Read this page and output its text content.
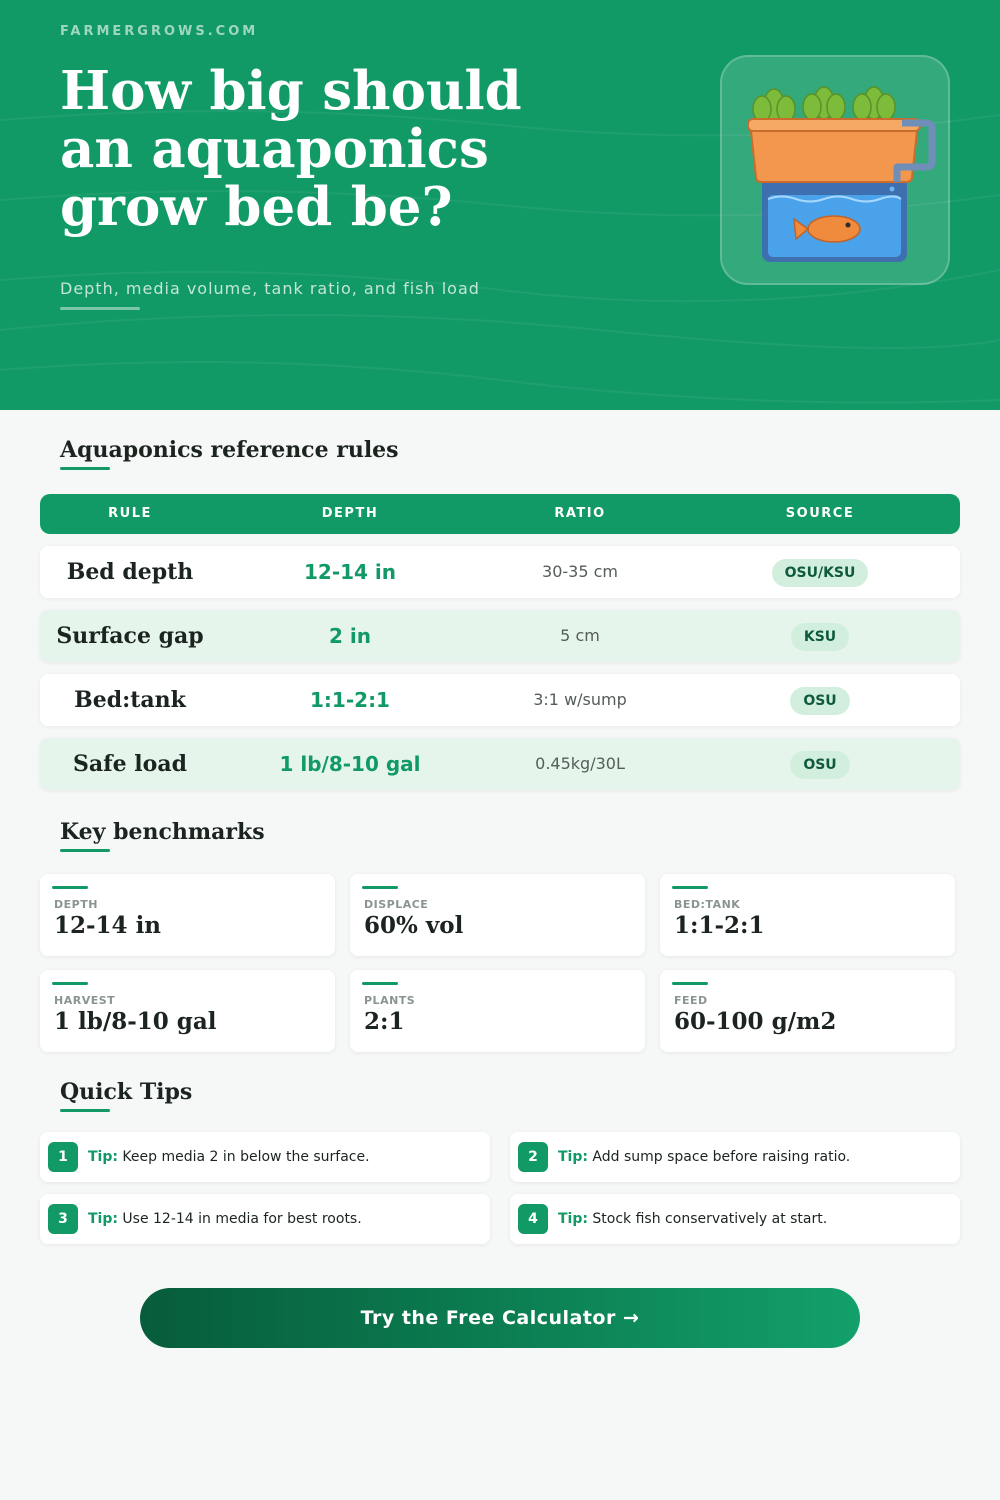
FARMERGROWS.COM
How big should an aquaponics grow bed be?
Depth, media volume, tank ratio, and fish load
Aquaponics reference rules
RULE	DEPTH	RATIO	SOURCE
Bed depth	12-14 in	30-35 cm	OSU/KSU
Surface gap	2 in	5 cm	KSU
Bed:tank	1:1-2:1	3:1 w/sump	OSU
Safe load	1 lb/8-10 gal	0.45kg/30L	OSU
Key benchmarks
DEPTH
12-14 in
DISPLACE
60% vol
BED:TANK
1:1-2:1
HARVEST
1 lb/8-10 gal
PLANTS
2:1
FEED
60-100 g/m2
Quick Tips
1	Tip: Keep media 2 in below the surface.	2	Tip: Add sump space before raising ratio.
3	Tip: Use 12-14 in media for best roots.	4	Tip: Stock fish conservatively at start.
Try the Free Calculator →
